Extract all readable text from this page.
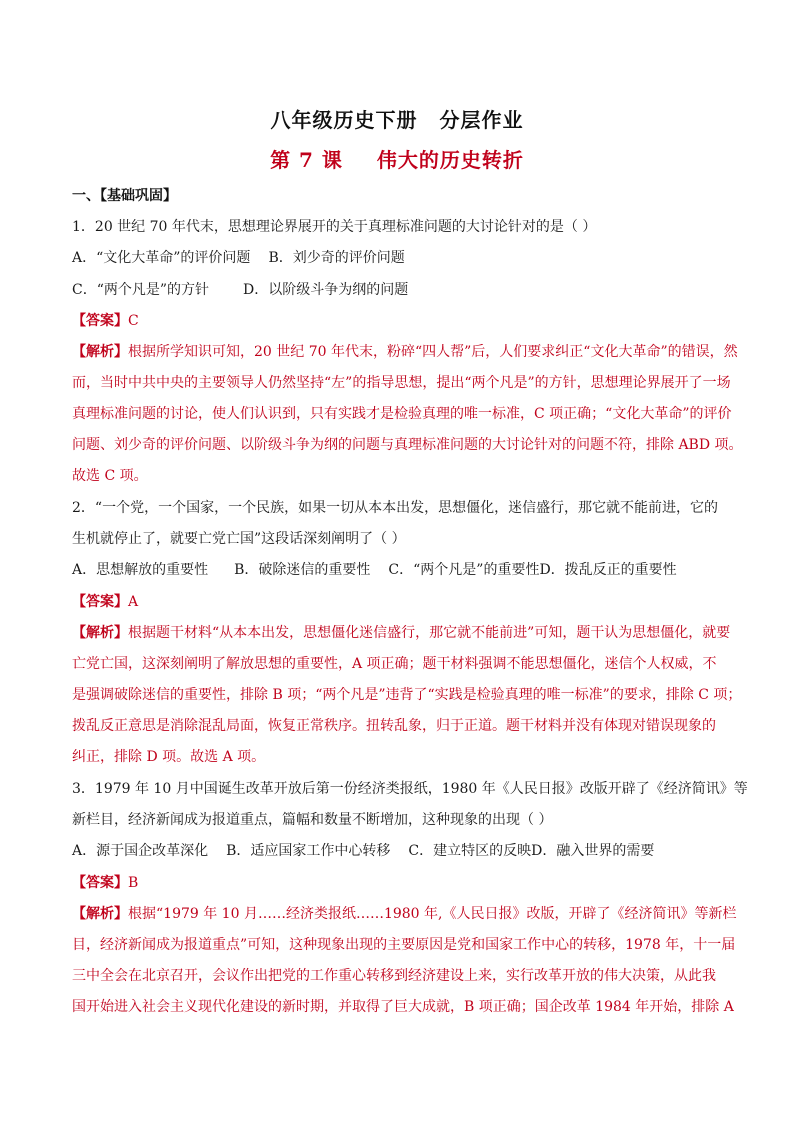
八年级历史下册 分层作业
第 7 课 伟大的历史转折
一、【基础巩固】
1．20 世纪 70 年代末，思想理论界展开的关于真理标准问题的大讨论针对的是（ ）
A．“文化大革命”的评价问题 B．刘少奇的评价问题
C．“两个凡是”的方针 D．以阶级斗争为纲的问题
【答案】C
【解析】根据所学知识可知，20 世纪 70 年代末，粉碎“四人帮”后，人们要求纠正“文化大革命”的错误，然
而，当时中共中央的主要领导人仍然坚持“左”的指导思想，提出“两个凡是”的方针，思想理论界展开了一场
真理标准问题的讨论，使人们认识到，只有实践才是检验真理的唯一标准，C 项正确；“文化大革命”的评价
问题、刘少奇的评价问题、以阶级斗争为纲的问题与真理标准问题的大讨论针对的问题不符，排除 ABD 项。
故选 C 项。
2．“一个党，一个国家，一个民族，如果一切从本本出发，思想僵化，迷信盛行，那它就不能前进，它的
生机就停止了，就要亡党亡国”这段话深刻阐明了（ ）
A．思想解放的重要性 B．破除迷信的重要性 C．“两个凡是”的重要性D．拨乱反正的重要性
【答案】A
【解析】根据题干材料“从本本出发，思想僵化迷信盛行，那它就不能前进”可知，题干认为思想僵化，就要
亡党亡国，这深刻阐明了解放思想的重要性，A 项正确；题干材料强调不能思想僵化，迷信个人权威，不
是强调破除迷信的重要性，排除 B 项；“两个凡是”违背了“实践是检验真理的唯一标准”的要求，排除 C 项；
拨乱反正意思是消除混乱局面，恢复正常秩序。扭转乱象，归于正道。题干材料并没有体现对错误现象的
纠正，排除 D 项。故选 A 项。
3．1979 年 10 月中国诞生改革开放后第一份经济类报纸，1980 年《人民日报》改版开辟了《经济简讯》等
新栏目，经济新闻成为报道重点，篇幅和数量不断增加，这种现象的出现（ ）
A．源于国企改革深化 B．适应国家工作中心转移 C．建立特区的反映D．融入世界的需要
【答案】B
【解析】根据“1979 年 10 月……经济类报纸……1980 年,《人民日报》改版，开辟了《经济简讯》等新栏
目，经济新闻成为报道重点”可知，这种现象出现的主要原因是党和国家工作中心的转移，1978 年，十一届
三中全会在北京召开，会议作出把党的工作重心转移到经济建设上来，实行改革开放的伟大决策，从此我
国开始进入社会主义现代化建设的新时期，并取得了巨大成就，B 项正确；国企改革 1984 年开始，排除 A
